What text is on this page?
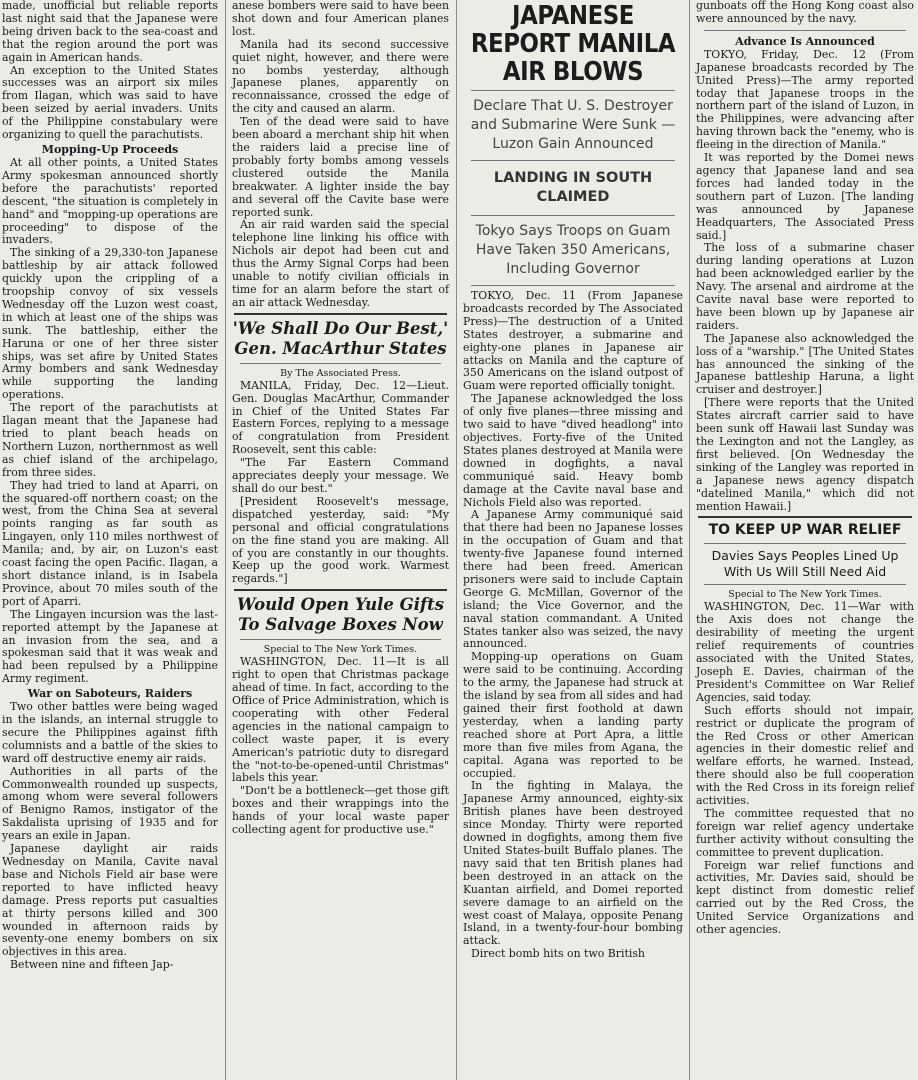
made, unofficial but reliable reports last night said that the Japanese were being driven back to the sea-coast and that the region around the port was again in American hands.

An exception to the United States successes was an airport six miles from Ilagan, which was said to have been seized by aerial invaders. Units of the Philippine constabulary were organizing to quell the parachutists.

Mopping-Up Proceeds

At all other points, a United States Army spokesman announced shortly before the parachutists' reported descent, "the situation is completely in hand" and "mopping-up operations are proceeding" to dispose of the invaders.

The sinking of a 29,330-ton Japanese battleship by air attack followed quickly upon the crippling of a troopship convoy of six vessels Wednesday off the Luzon west coast, in which at least one of the ships was sunk. The battleship, either the Haruna or one of her three sister ships, was set afire by United States Army bombers and sank Wednesday while supporting the landing operations.

The report of the parachutists at Ilagan meant that the Japanese had tried to plant beach heads on Northern Luzon, northernmost as well as chief island of the archipelago, from three sides.

They had tried to land at Aparri, on the squared-off northern coast; on the west, from the China Sea at several points ranging as far south as Lingayen, only 110 miles northwest of Manila; and, by air, on Luzon's east coast facing the open Pacific. Ilagan, a short distance inland, is in Isabela Province, about 70 miles south of the port of Aparri.

The Lingayen incursion was the last-reported attempt by the Japanese at an invasion from the sea, and a spokesman said that it was weak and had been repulsed by a Philippine Army regiment.

War on Saboteurs, Raiders

Two other battles were being waged in the islands, an internal struggle to secure the Philippines against fifth columnists and a battle of the skies to ward off destructive enemy air raids.

Authorities in all parts of the Commonwealth rounded up suspects, among whom were several followers of Benigno Ramos, instigator of the Sakdalista uprising of 1935 and for years an exile in Japan.

Japanese daylight air raids Wednesday on Manila, Cavite naval base and Nichols Field air base were reported to have inflicted heavy damage. Press reports put casualties at thirty persons killed and 300 wounded in afternoon raids by seventy-one enemy bombers on six objectives in this area.

Between nine and fifteen Jap-

anese bombers were said to have been shot down and four American planes lost.

Manila had its second successive quiet night, however, and there were no bombs yesterday, although Japanese planes, apparently on reconnaissance, crossed the edge of the city and caused an alarm.

Ten of the dead were said to have been aboard a merchant ship hit when the raiders laid a precise line of probably forty bombs among vessels clustered outside the Manila breakwater. A lighter inside the bay and several off the Cavite base were reported sunk.

An air raid warden said the special telephone line linking his office with Nichols air depot had been cut and thus the Army Signal Corps had been unable to notify civilian officials in time for an alarm before the start of an air attack Wednesday.

'We Shall Do Our Best,' Gen. MacArthur States
By The Associated Press.

MANILA, Friday, Dec. 12—Lieut. Gen. Douglas MacArthur, Commander in Chief of the United States Far Eastern Forces, replying to a message of congratulation from President Roosevelt, sent this cable:

"The Far Eastern Command appreciates deeply your message. We shall do our best."

[President Roosevelt's message, dispatched yesterday, said: "My personal and official congratulations on the fine stand you are making. All of you are constantly in our thoughts. Keep up the good work. Warmest regards."]

Would Open Yule Gifts To Salvage Boxes Now
Special to The New York Times.

WASHINGTON, Dec. 11—It is all right to open that Christmas package ahead of time. In fact, according to the Office of Price Administration, which is cooperating with other Federal agencies in the national campaign to collect waste paper, it is every American's patriotic duty to disregard the "not-to-be-opened-until Christmas" labels this year.

"Don't be a bottleneck—get those gift boxes and their wrappings into the hands of your local waste paper collecting agent for productive use."

JAPANESE REPORT MANILA AIR BLOWS
Declare That U. S. Destroyer and Submarine Were Sunk —Luzon Gain Announced
LANDING IN SOUTH CLAIMED
Tokyo Says Troops on Guam Have Taken 350 Americans, Including Governor

TOKYO, Dec. 11 (From Japanese broadcasts recorded by The Associated Press)—The destruction of a United States destroyer, a submarine and eighty-one planes in Japanese air attacks on Manila and the capture of 350 Americans on the island outpost of Guam were reported officially tonight.

The Japanese acknowledged the loss of only five planes—three missing and two said to have "dived headlong" into objectives. Forty-five of the United States planes destroyed at Manila were downed in dogfights, a naval communiqué said. Heavy bomb damage at the Cavite naval base and Nichols Field also was reported.

A Japanese Army communiqué said that there had been no Japanese losses in the occupation of Guam and that twenty-five Japanese found interned there had been freed. American prisoners were said to include Captain George G. McMillan, Governor of the island; the Vice Governor, and the naval station commandant. A United States tanker also was seized, the navy announced.

Mopping-up operations on Guam were said to be continuing. According to the army, the Japanese had struck at the island by sea from all sides and had gained their first foothold at dawn yesterday, when a landing party reached shore at Port Apra, a little more than five miles from Agana, the capital. Agana was reported to be occupied.

In the fighting in Malaya, the Japanese Army announced, eighty-six British planes have been destroyed since Monday. Thirty were reported downed in dogfights, among them five United States-built Buffalo planes. The navy said that ten British planes had been destroyed in an attack on the Kuantan airfield, and Domei reported severe damage to an airfield on the west coast of Malaya, opposite Penang Island, in a twenty-four-hour bombing attack.

Direct bomb hits on two British

gunboats off the Hong Kong coast also were announced by the navy.

Advance Is Announced

TOKYO, Friday, Dec. 12 (From Japanese broadcasts recorded by The United Press)—The army reported today that Japanese troops in the northern part of the island of Luzon, in the Philippines, were advancing after having thrown back the "enemy, who is fleeing in the direction of Manila."

It was reported by the Domei news agency that Japanese land and sea forces had landed today in the southern part of Luzon. [The landing was announced by Japanese Headquarters, The Associated Press said.]

The loss of a submarine chaser during landing operations at Luzon had been acknowledged earlier by the Navy. The arsenal and airdrome at the Cavite naval base were reported to have been blown up by Japanese air raiders.

The Japanese also acknowledged the loss of a "warship." [The United States has announced the sinking of the Japanese battleship Haruna, a light cruiser and destroyer.]

[There were reports that the United States aircraft carrier said to have been sunk off Hawaii last Sunday was the Lexington and not the Langley, as first believed. [On Wednesday the sinking of the Langley was reported in a Japanese news agency dispatch "datelined Manila," which did not mention Hawaii.]

TO KEEP UP WAR RELIEF
Davies Says Peoples Lined Up With Us Will Still Need Aid
Special to The New York Times.

WASHINGTON, Dec. 11—War with the Axis does not change the desirability of meeting the urgent relief requirements of countries associated with the United States, Joseph E. Davies, chairman of the President's Committee on War Relief Agencies, said today.

Such efforts should not impair, restrict or duplicate the program of the Red Cross or other American agencies in their domestic relief and welfare efforts, he warned. Instead, there should also be full cooperation with the Red Cross in its foreign relief activities.

The committee requested that no foreign war relief agency undertake further activity without consulting the committee to prevent duplication.

Foreign war relief functions and activities, Mr. Davies said, should be kept distinct from domestic relief carried out by the Red Cross, the United Service Organizations and other agencies.
